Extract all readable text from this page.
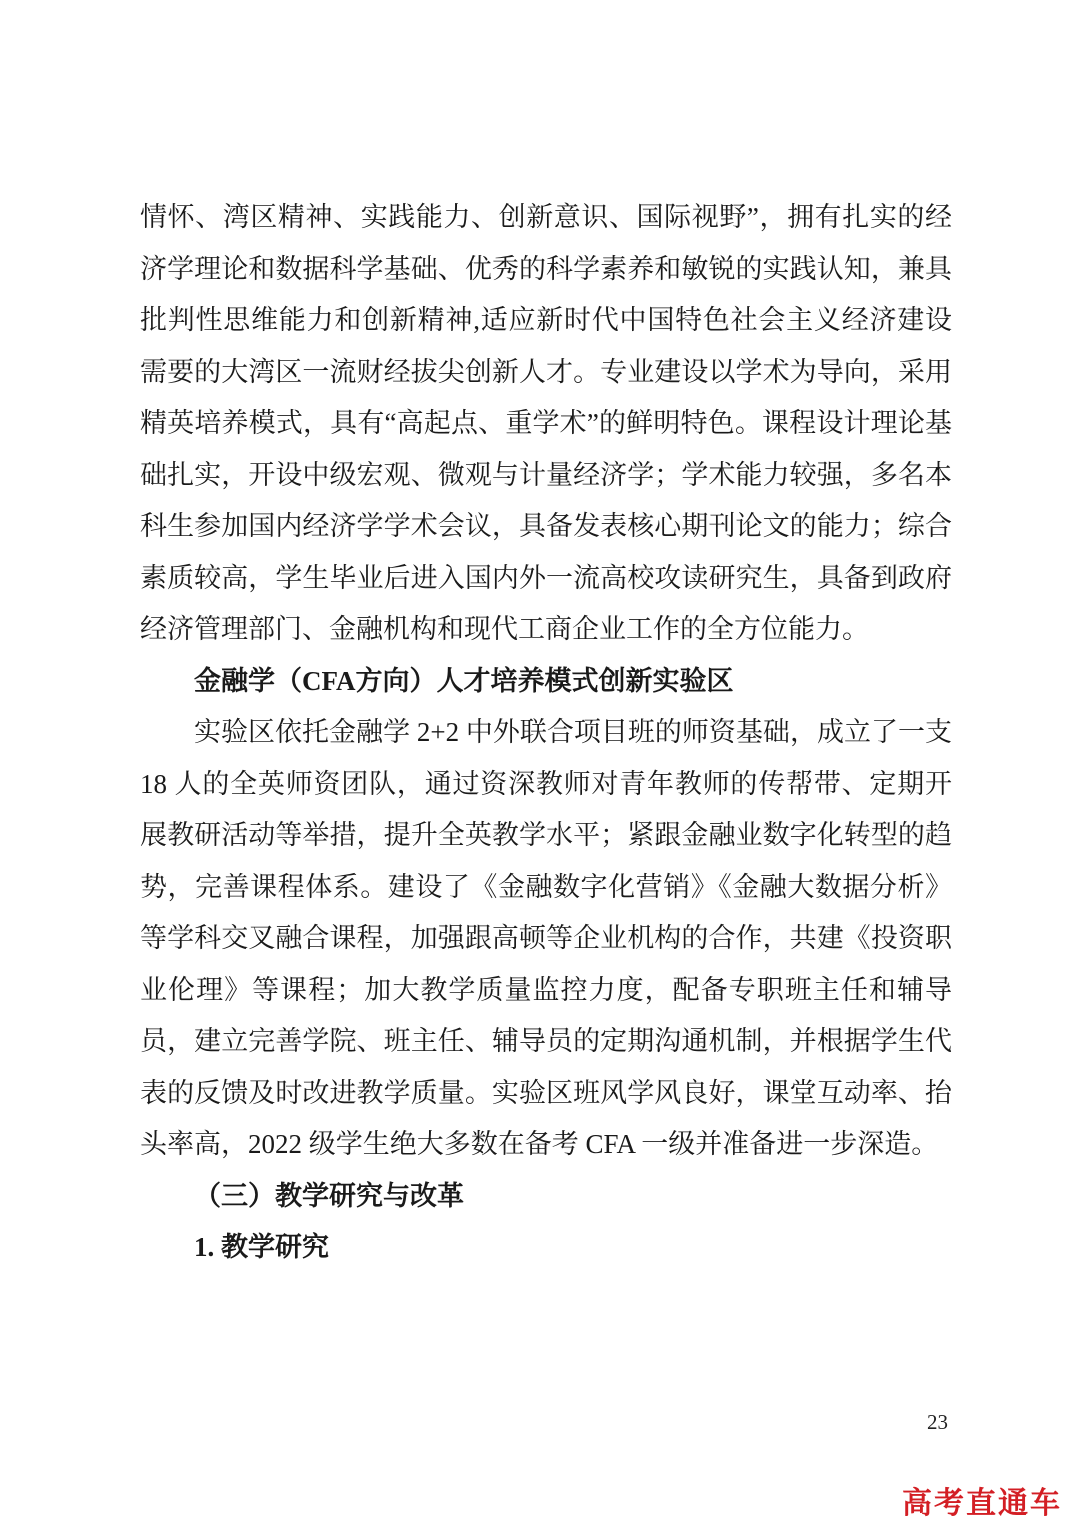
情怀、湾区精神、实践能力、创新意识、国际视野”，拥有扎实的经济学理论和数据科学基础、优秀的科学素养和敏锐的实践认知，兼具批判性思维能力和创新精神,适应新时代中国特色社会主义经济建设需要的大湾区一流财经拔尖创新人才。专业建设以学术为导向，采用精英培养模式，具有“高起点、重学术”的鲜明特色。课程设计理论基础扎实，开设中级宏观、微观与计量经济学；学术能力较强，多名本科生参加国内经济学学术会议，具备发表核心期刊论文的能力；综合素质较高，学生毕业后进入国内外一流高校攻读研究生，具备到政府经济管理部门、金融机构和现代工商企业工作的全方位能力。

金融学（CFA方向）人才培养模式创新实验区

实验区依托金融学 2+2 中外联合项目班的师资基础，成立了一支 18 人的全英师资团队，通过资深教师对青年教师的传帮带、定期开展教研活动等举措，提升全英教学水平；紧跟金融业数字化转型的趋势，完善课程体系。建设了《金融数字化营销》《金融大数据分析》等学科交叉融合课程，加强跟高顿等企业机构的合作，共建《投资职业伦理》等课程；加大教学质量监控力度，配备专职班主任和辅导员，建立完善学院、班主任、辅导员的定期沟通机制，并根据学生代表的反馈及时改进教学质量。实验区班风学风良好，课堂互动率、抬头率高，2022 级学生绝大多数在备考 CFA 一级并准备进一步深造。

（三）教学研究与改革

1. 教学研究

23
高考直通车
